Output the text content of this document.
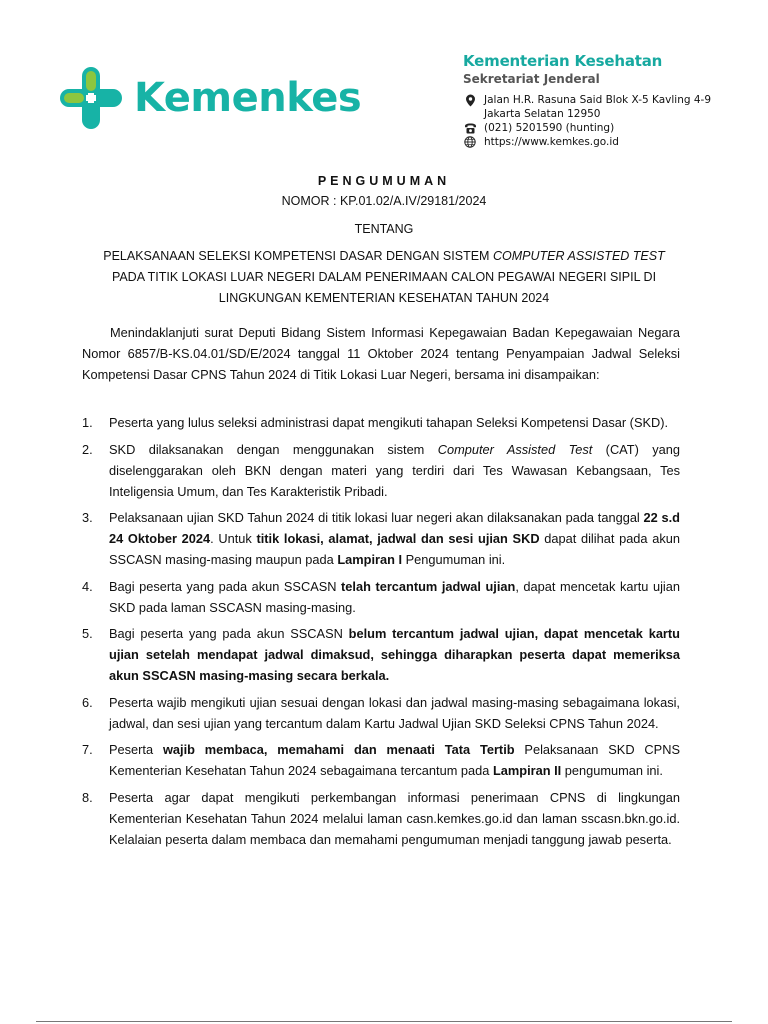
Kemenkes
Kementerian Kesehatan
Sekretariat Jenderal
Jalan H.R. Rasuna Said Blok X-5 Kavling 4-9
Jakarta Selatan 12950
(021) 5201590 (hunting)
https://www.kemkes.go.id
PENGUMUMAN
NOMOR : KP.01.02/A.IV/29181/2024
TENTANG
PELAKSANAAN SELEKSI KOMPETENSI DASAR DENGAN SISTEM COMPUTER ASSISTED TEST PADA TITIK LOKASI LUAR NEGERI DALAM PENERIMAAN CALON PEGAWAI NEGERI SIPIL DI LINGKUNGAN KEMENTERIAN KESEHATAN TAHUN 2024
Menindaklanjuti surat Deputi Bidang Sistem Informasi Kepegawaian Badan Kepegawaian Negara Nomor 6857/B-KS.04.01/SD/E/2024 tanggal 11 Oktober 2024 tentang Penyampaian Jadwal Seleksi Kompetensi Dasar CPNS Tahun 2024 di Titik Lokasi Luar Negeri, bersama ini disampaikan:
1.	Peserta yang lulus seleksi administrasi dapat mengikuti tahapan Seleksi Kompetensi Dasar (SKD).
2.	SKD dilaksanakan dengan menggunakan sistem Computer Assisted Test (CAT) yang diselenggarakan oleh BKN dengan materi yang terdiri dari Tes Wawasan Kebangsaan, Tes Inteligensia Umum, dan Tes Karakteristik Pribadi.
3.	Pelaksanaan ujian SKD Tahun 2024 di titik lokasi luar negeri akan dilaksanakan pada tanggal 22 s.d 24 Oktober 2024. Untuk titik lokasi, alamat, jadwal dan sesi ujian SKD dapat dilihat pada akun SSCASN masing-masing maupun pada Lampiran I Pengumuman ini.
4.	Bagi peserta yang pada akun SSCASN telah tercantum jadwal ujian, dapat mencetak kartu ujian SKD pada laman SSCASN masing-masing.
5.	Bagi peserta yang pada akun SSCASN belum tercantum jadwal ujian, dapat mencetak kartu ujian setelah mendapat jadwal dimaksud, sehingga diharapkan peserta dapat memeriksa akun SSCASN masing-masing secara berkala.
6.	Peserta wajib mengikuti ujian sesuai dengan lokasi dan jadwal masing-masing sebagaimana lokasi, jadwal, dan sesi ujian yang tercantum dalam Kartu Jadwal Ujian SKD Seleksi CPNS Tahun 2024.
7.	Peserta wajib membaca, memahami dan menaati Tata Tertib Pelaksanaan SKD CPNS Kementerian Kesehatan Tahun 2024 sebagaimana tercantum pada Lampiran II pengumuman ini.
8.	Peserta agar dapat mengikuti perkembangan informasi penerimaan CPNS di lingkungan Kementerian Kesehatan Tahun 2024 melalui laman casn.kemkes.go.id dan laman sscasn.bkn.go.id. Kelalaian peserta dalam membaca dan memahami pengumuman menjadi tanggung jawab peserta.
